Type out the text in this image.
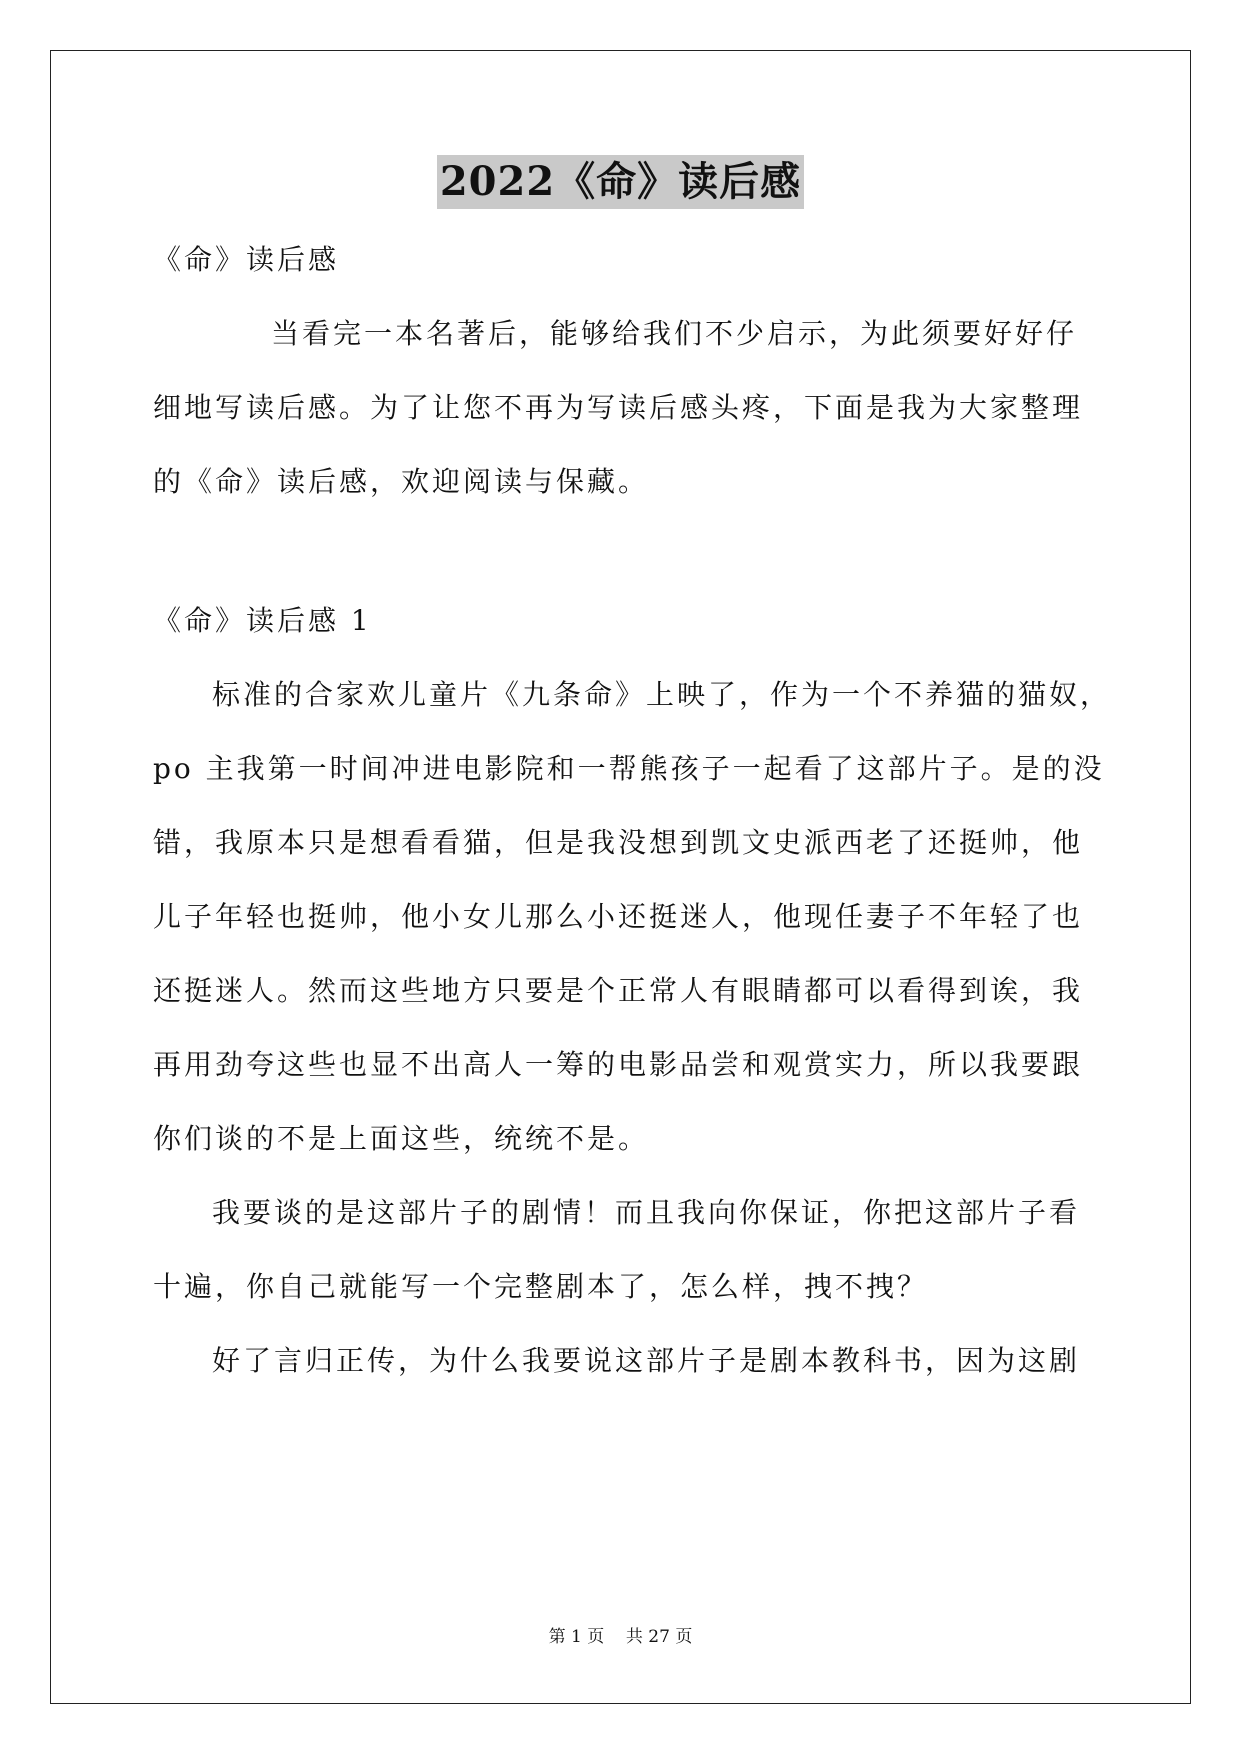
2022《命》读后感
《命》读后感
当看完一本名著后，能够给我们不少启示，为此须要好好仔
细地写读后感。为了让您不再为写读后感头疼，下面是我为大家整理
的《命》读后感，欢迎阅读与保藏。
《命》读后感 1
标准的合家欢儿童片《九条命》上映了，作为一个不养猫的猫奴，
po 主我第一时间冲进电影院和一帮熊孩子一起看了这部片子。是的没
错，我原本只是想看看猫，但是我没想到凯文史派西老了还挺帅，他
儿子年轻也挺帅，他小女儿那么小还挺迷人，他现任妻子不年轻了也
还挺迷人。然而这些地方只要是个正常人有眼睛都可以看得到诶，我
再用劲夸这些也显不出高人一筹的电影品尝和观赏实力，所以我要跟
你们谈的不是上面这些，统统不是。
我要谈的是这部片子的剧情！而且我向你保证，你把这部片子看
十遍，你自己就能写一个完整剧本了，怎么样，拽不拽？
好了言归正传，为什么我要说这部片子是剧本教科书，因为这剧
第 1 页    共 27 页
